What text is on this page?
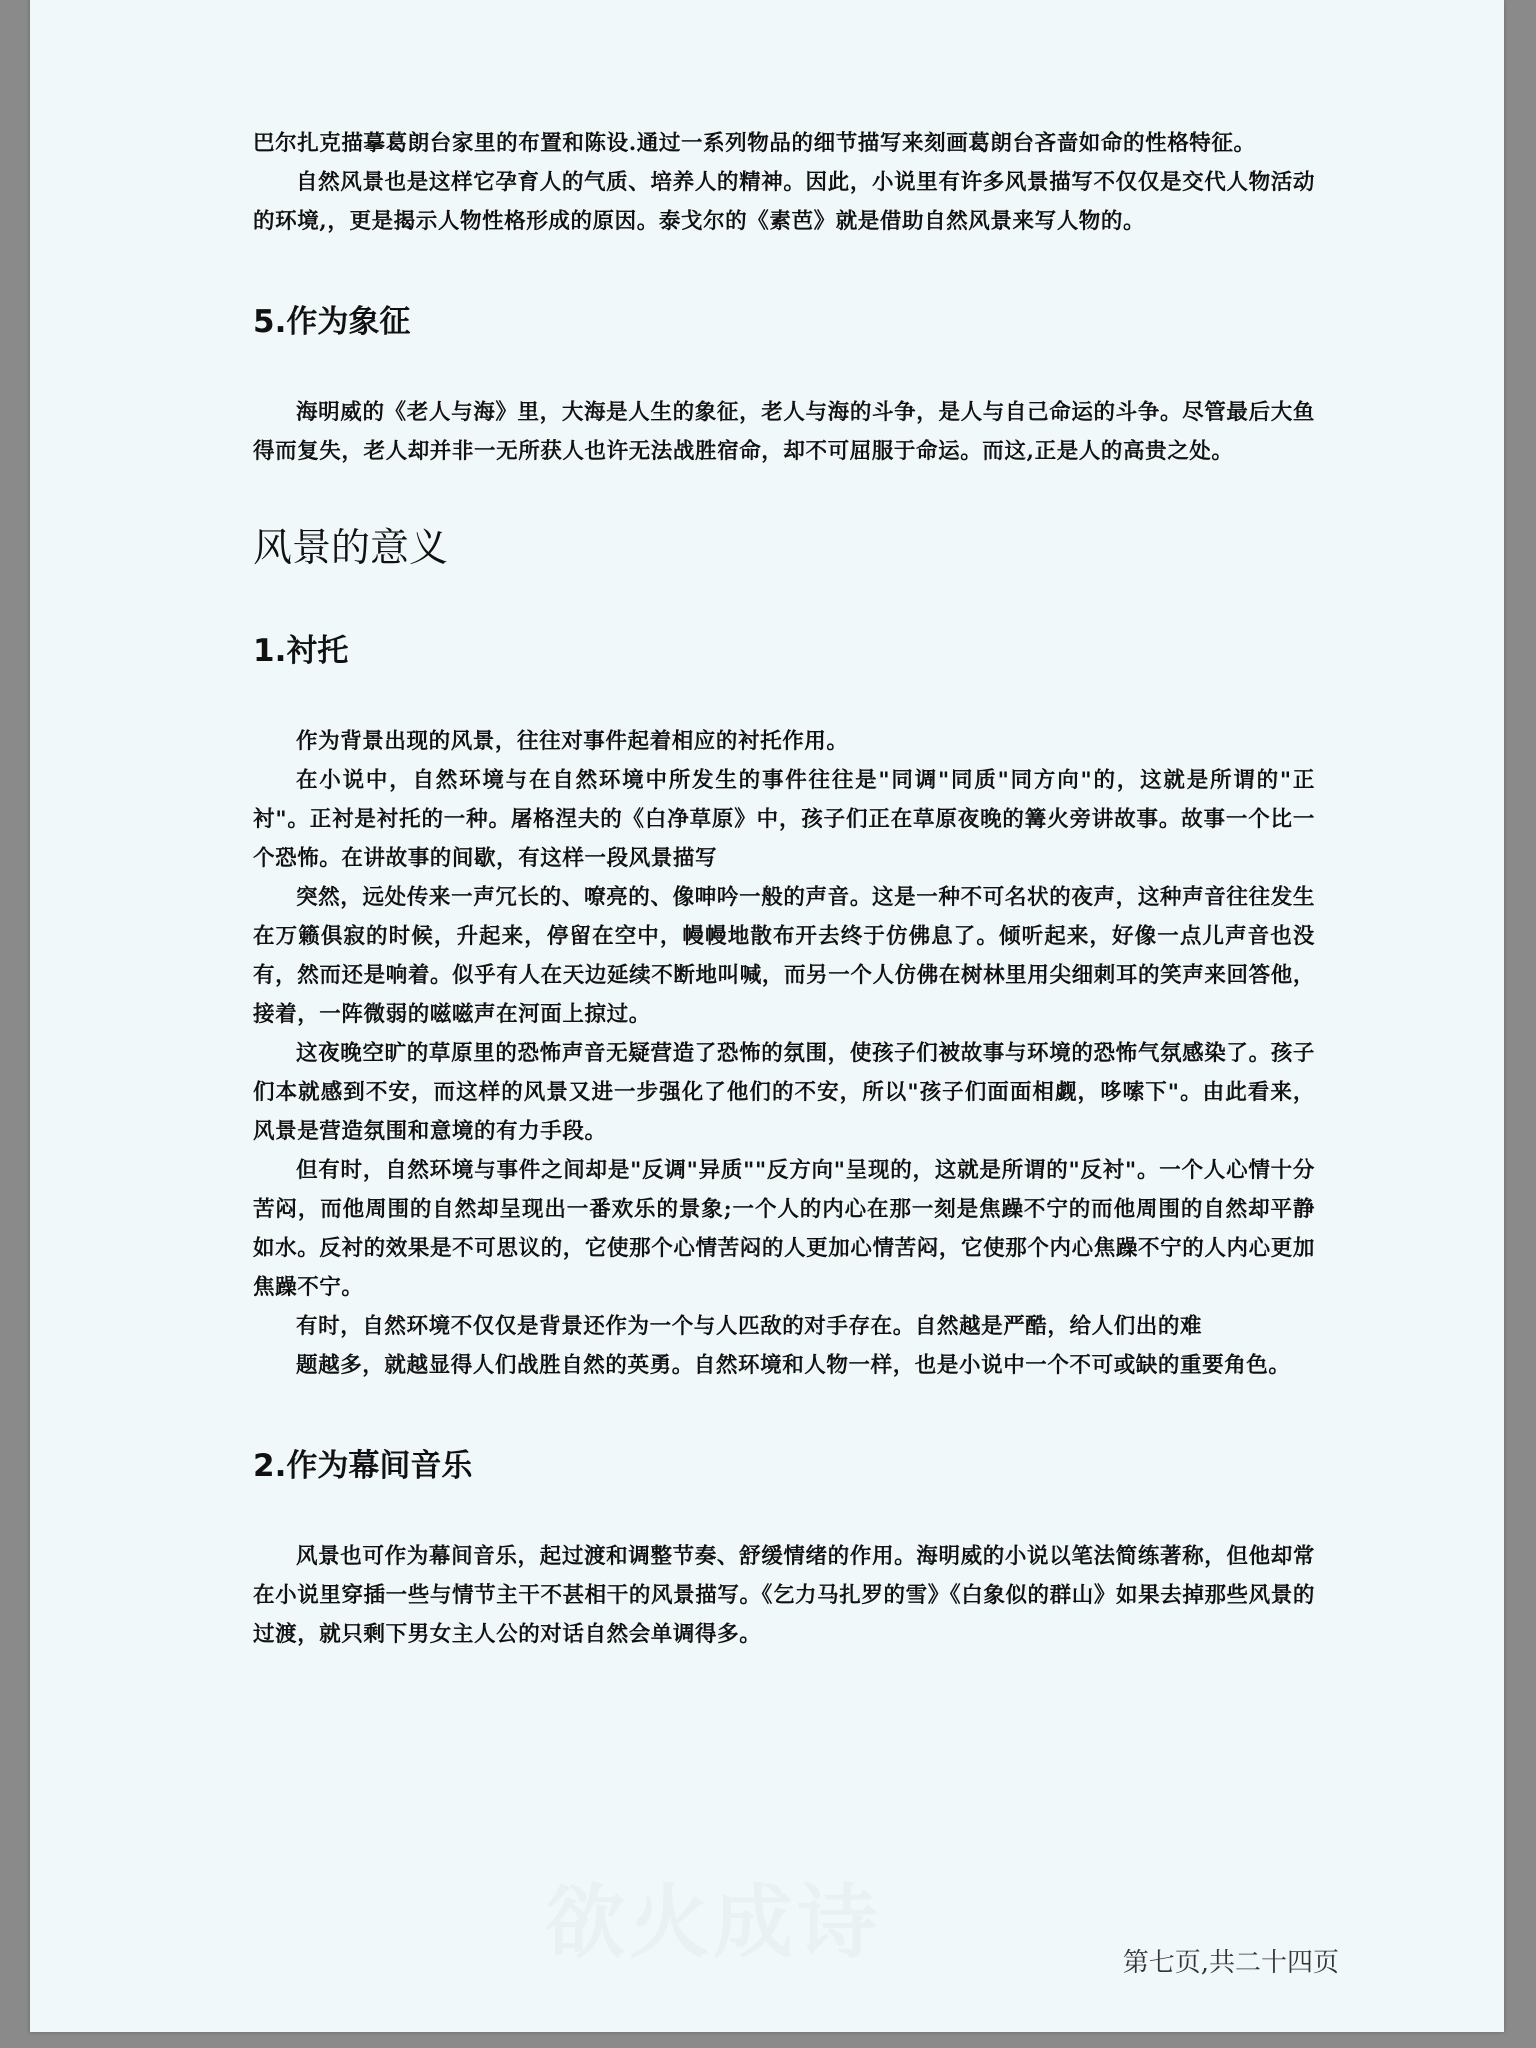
欲火成诗

巴尔扎克描摹葛朗台家里的布置和陈设.通过一系列物品的细节描写来刻画葛朗台吝啬如命的性格特征。

自然风景也是这样它孕育人的气质、培养人的精神。因此，小说里有许多风景描写不仅仅是交代人物活动的环境,，更是揭示人物性格形成的原因。泰戈尔的《素芭》就是借助自然风景来写人物的。

5.作为象征

海明威的《老人与海》里，大海是人生的象征，老人与海的斗争，是人与自己命运的斗争。尽管最后大鱼得而复失，老人却并非一无所获人也许无法战胜宿命，却不可屈服于命运。而这,正是人的高贵之处。

风景的意义
1.衬托

作为背景出现的风景，往往对事件起着相应的衬托作用。

在小说中，自然环境与在自然环境中所发生的事件往往是"同调"同质"同方向"的，这就是所谓的"正衬"。正衬是衬托的一种。屠格涅夫的《白净草原》中，孩子们正在草原夜晚的篝火旁讲故事。故事一个比一个恐怖。在讲故事的间歇，有这样一段风景描写

突然，远处传来一声冗长的、嘹亮的、像呻吟一般的声音。这是一种不可名状的夜声，这种声音往往发生在万籁俱寂的时候，升起来，停留在空中，幔幔地散布开去终于仿佛息了。倾听起来，好像一点儿声音也没有，然而还是响着。似乎有人在天边延续不断地叫喊，而另一个人仿佛在树林里用尖细刺耳的笑声来回答他，接着，一阵微弱的嗞嗞声在河面上掠过。

这夜晚空旷的草原里的恐怖声音无疑营造了恐怖的氛围，使孩子们被故事与环境的恐怖气氛感染了。孩子们本就感到不安，而这样的风景又进一步强化了他们的不安，所以"孩子们面面相觑，哆嗦下"。由此看来，风景是营造氛围和意境的有力手段。

但有时，自然环境与事件之间却是"反调"异质""反方向"呈现的，这就是所谓的"反衬"。一个人心情十分苦闷，而他周围的自然却呈现出一番欢乐的景象;一个人的内心在那一刻是焦躁不宁的而他周围的自然却平静如水。反衬的效果是不可思议的，它使那个心情苦闷的人更加心情苦闷，它使那个内心焦躁不宁的人内心更加焦躁不宁。

有时，自然环境不仅仅是背景还作为一个与人匹敌的对手存在。自然越是严酷，给人们出的难

题越多，就越显得人们战胜自然的英勇。自然环境和人物一样，也是小说中一个不可或缺的重要角色。

2.作为幕间音乐

风景也可作为幕间音乐，起过渡和调整节奏、舒缓情绪的作用。海明威的小说以笔法简练著称，但他却常在小说里穿插一些与情节主干不甚相干的风景描写。《乞力马扎罗的雪》《白象似的群山》如果去掉那些风景的过渡，就只剩下男女主人公的对话自然会单调得多。

第七页,共二十四页
